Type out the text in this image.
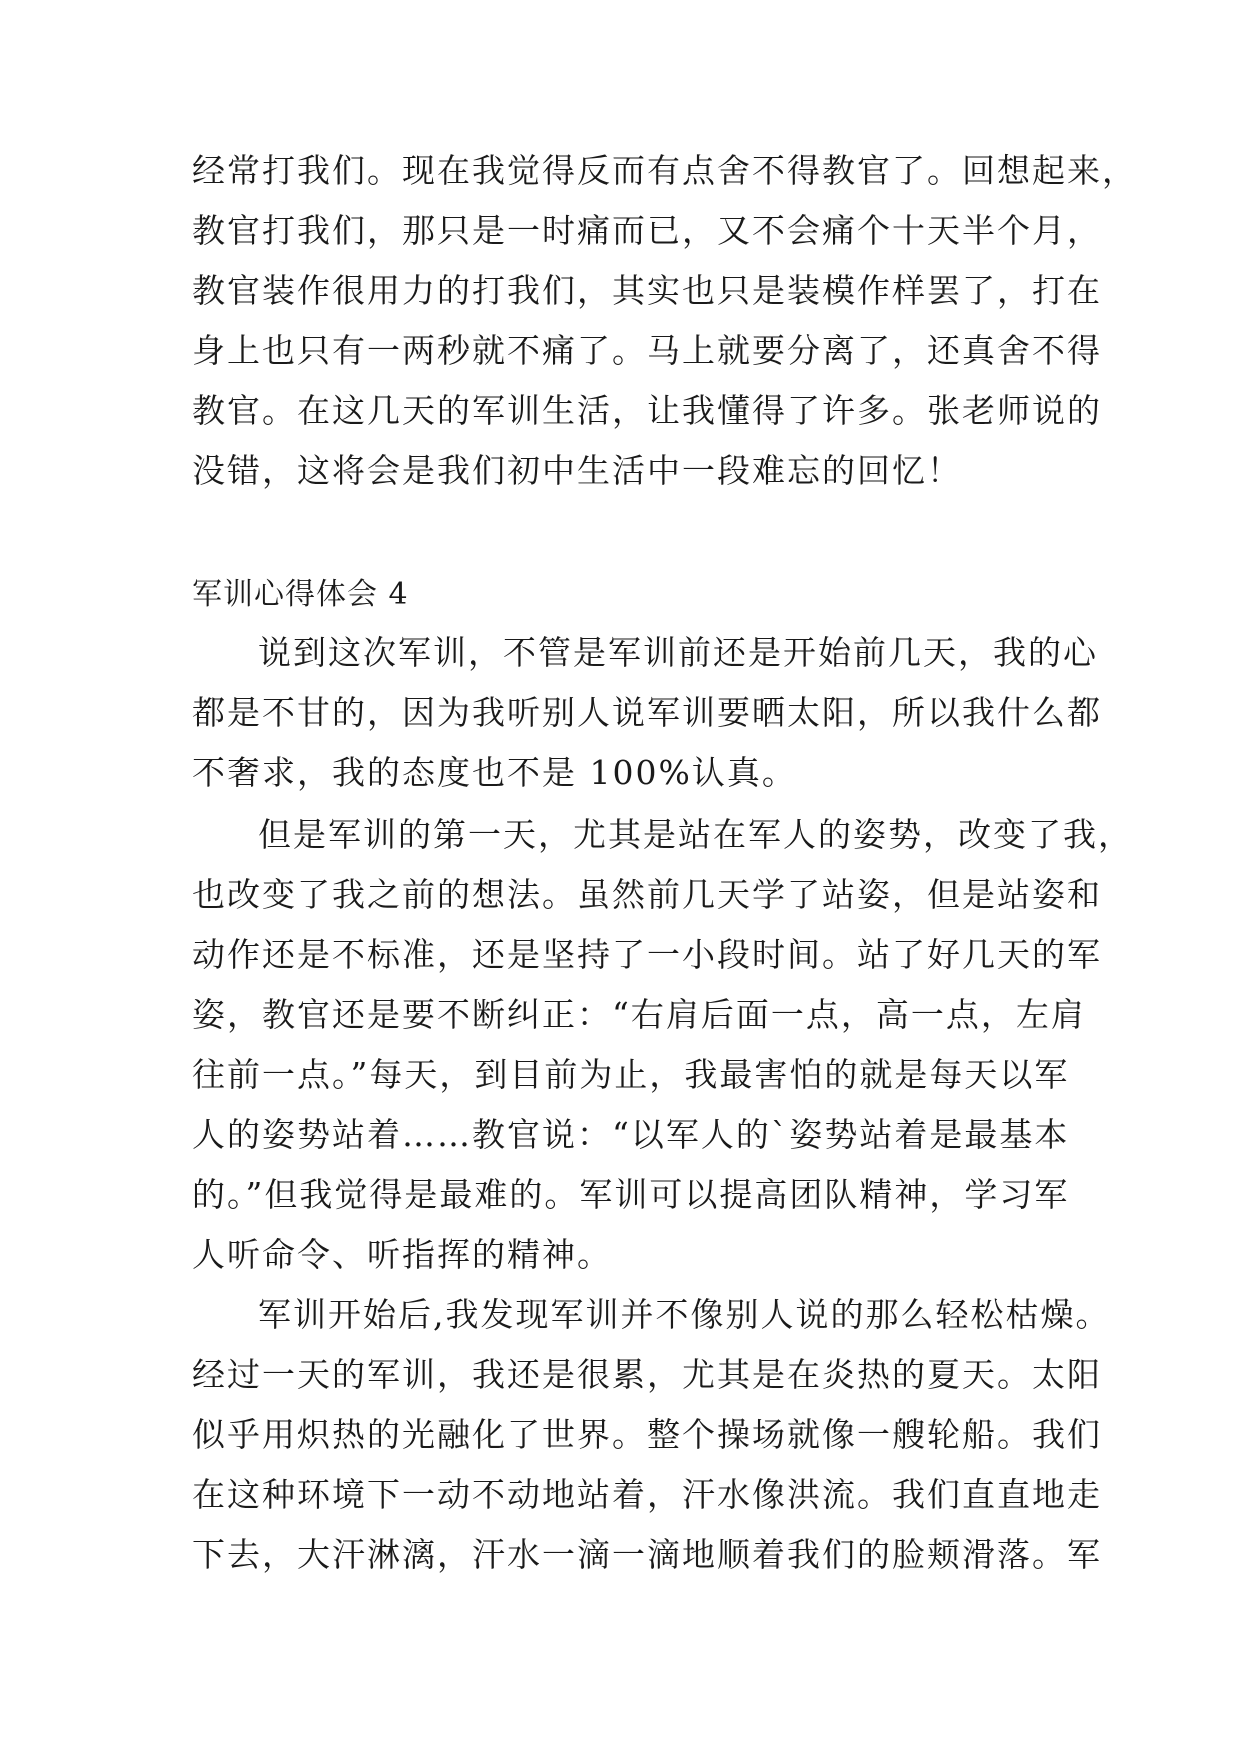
经常打我们。现在我觉得反而有点舍不得教官了。回想起来，
教官打我们，那只是一时痛而已，又不会痛个十天半个月，
教官装作很用力的打我们，其实也只是装模作样罢了，打在
身上也只有一两秒就不痛了。马上就要分离了，还真舍不得
教官。在这几天的军训生活，让我懂得了许多。张老师说的
没错，这将会是我们初中生活中一段难忘的回忆！
军训心得体会 4
说到这次军训，不管是军训前还是开始前几天，我的心
都是不甘的，因为我听别人说军训要晒太阳，所以我什么都
不奢求，我的态度也不是 100%认真。
但是军训的第一天，尤其是站在军人的姿势，改变了我，
也改变了我之前的想法。虽然前几天学了站姿，但是站姿和
动作还是不标准，还是坚持了一小段时间。站了好几天的军
姿，教官还是要不断纠正：“右肩后面一点，高一点，左肩
往前一点。”每天，到目前为止，我最害怕的就是每天以军
人的姿势站着……教官说：“以军人的`姿势站着是最基本
的。”但我觉得是最难的。军训可以提高团队精神，学习军
人听命令、听指挥的精神。
军训开始后,我发现军训并不像别人说的那么轻松枯燥。
经过一天的军训，我还是很累，尤其是在炎热的夏天。太阳
似乎用炽热的光融化了世界。整个操场就像一艘轮船。我们
在这种环境下一动不动地站着，汗水像洪流。我们直直地走
下去，大汗淋漓，汗水一滴一滴地顺着我们的脸颊滑落。军
